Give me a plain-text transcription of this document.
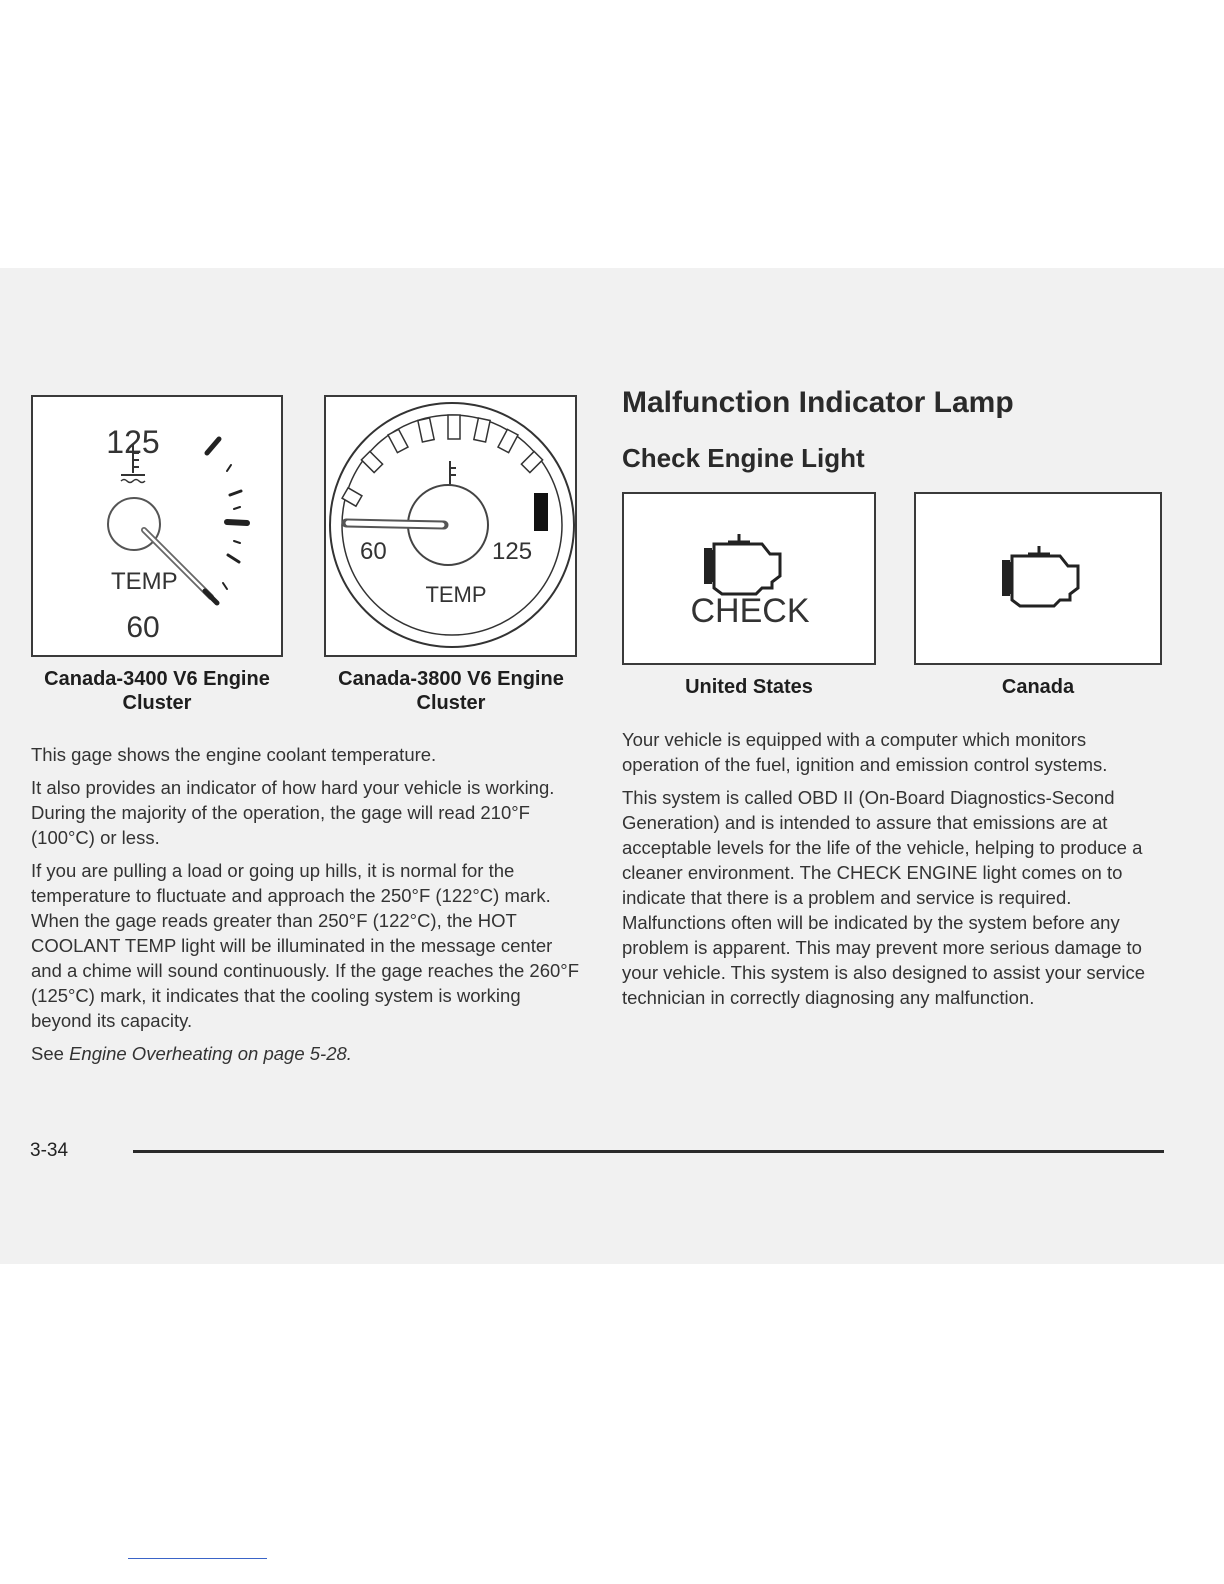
125
TEMP
60
Canada-3400 V6 Engine
Cluster
60	125
TEMP
Canada-3800 V6 Engine
Cluster

This gage shows the engine coolant temperature.

It also provides an indicator of how hard your vehicle is working. During the majority of the operation, the gage will read 210°F (100°C) or less.

If you are pulling a load or going up hills, it is normal for the temperature to fluctuate and approach the 250°F (122°C) mark. When the gage reads greater than 250°F (122°C), the HOT COOLANT TEMP light will be illuminated in the message center and a chime will sound continuously. If the gage reaches the 260°F (125°C) mark, it indicates that the cooling system is working beyond its capacity.

See Engine Overheating on page 5-28.

Malfunction Indicator Lamp
Check Engine Light
CHECK
United States	Canada

Your vehicle is equipped with a computer which monitors operation of the fuel, ignition and emission control systems.

This system is called OBD II (On-Board Diagnostics-Second Generation) and is intended to assure that emissions are at acceptable levels for the life of the vehicle, helping to produce a cleaner environment. The CHECK ENGINE light comes on to indicate that there is a problem and service is required. Malfunctions often will be indicated by the system before any problem is apparent. This may prevent more serious damage to your vehicle. This system is also designed to assist your service technician in correctly diagnosing any malfunction.

3-34
